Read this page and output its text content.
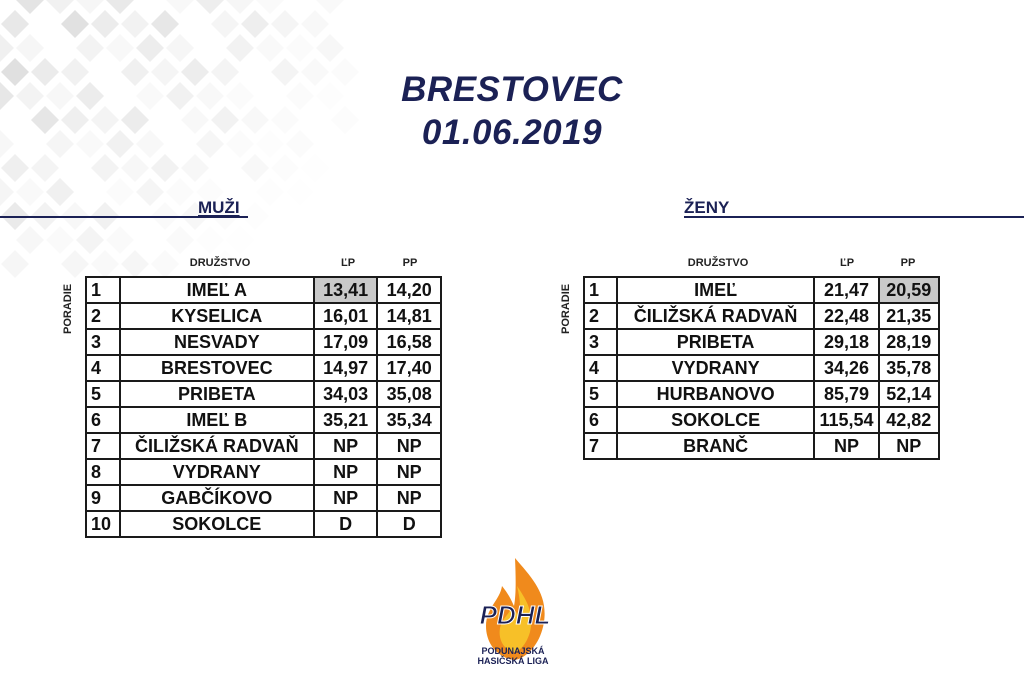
BRESTOVEC
01.06.2019
MUŽI	ŽENY
DRUŽSTVO	ĽP	PP	DRUŽSTVO	ĽP	PP
PORADIE	PORADIE
1	IMEĽ A	13,41	14,20
2	KYSELICA	16,01	14,81
3	NESVADY	17,09	16,58
4	BRESTOVEC	14,97	17,40
5	PRIBETA	34,03	35,08
6	IMEĽ B	35,21	35,34
7	ČILIŽSKÁ RADVAŇ	NP	NP
8	VYDRANY	NP	NP
9	GABČÍKOVO	NP	NP
10	SOKOLCE	D	D
1	IMEĽ	21,47	20,59
2	ČILIŽSKÁ RADVAŇ	22,48	21,35
3	PRIBETA	29,18	28,19
4	VYDRANY	34,26	35,78
5	HURBANOVO	85,79	52,14
6	SOKOLCE	115,54	42,82
7	BRANČ	NP	NP
PDHL
PODUNAJSKÁ
HASIČSKÁ LIGA
